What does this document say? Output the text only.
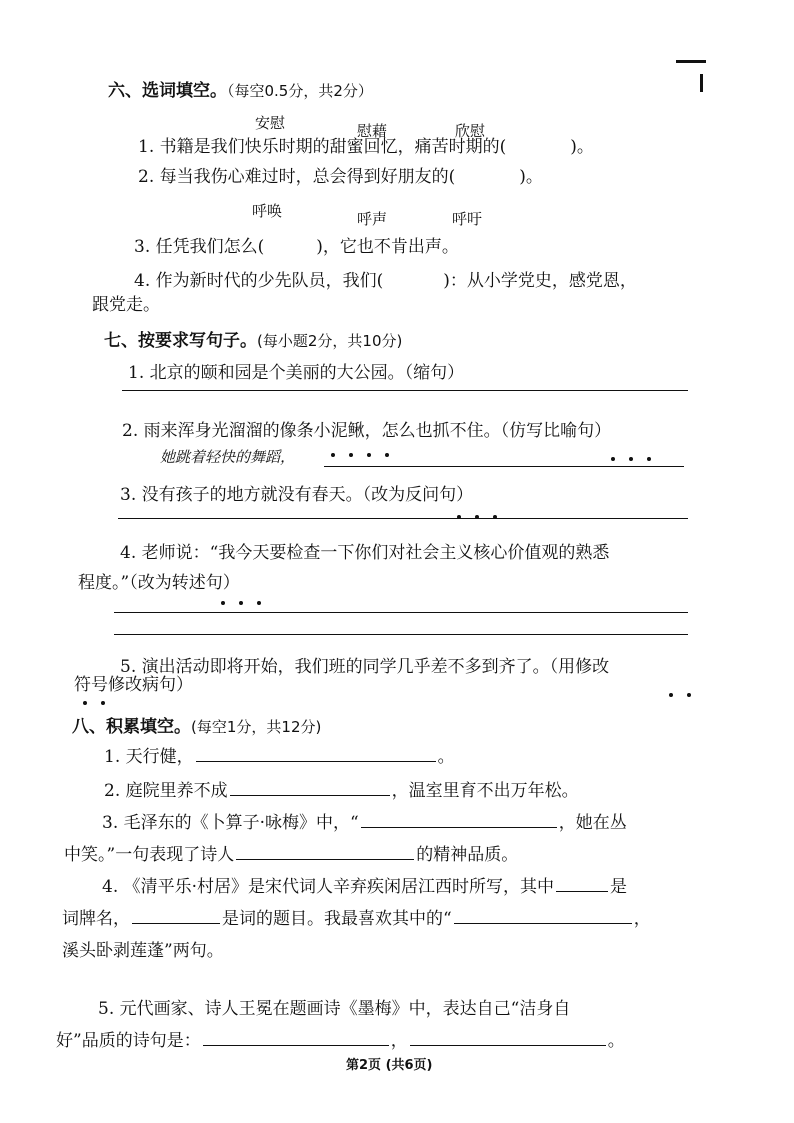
六、选词填空。（每空0.5分，共2分）
安慰	慰藉	欣慰
1. 书籍是我们快乐时期的甜蜜回忆，痛苦时期的(	)。
2. 每当我伤心难过时，总会得到好朋友的(	)。
呼唤	呼声	呼吁
3. 任凭我们怎么(	)，它也不肯出声。
4. 作为新时代的少先队员，我们(	)：从小学党史，感党恩，
跟党走。
七、按要求写句子。(每小题2分，共10分)
1. 北京的颐和园是个美丽的大公园。（缩句）
2. 雨来浑身光溜溜的像条小泥鳅，怎么也抓不住。（仿写比喻句）
她跳着轻快的舞蹈，
3. 没有孩子的地方就没有春天。（改为反问句）
4. 老师说：“我今天要检查一下你们对社会主义核心价值观的熟悉
程度。”（改为转述句）
5. 演出活动即将开始，我们班的同学几乎差不多到齐了。（用修改
符号修改病句）
八、积累填空。(每空1分，共12分)
1. 天行健，	。
2. 庭院里养不成	，温室里育不出万年松。
3. 毛泽东的《卜算子·咏梅》中，“	，她在丛
中笑。”一句表现了诗人	的精神品质。
4. 《清平乐·村居》是宋代词人辛弃疾闲居江西时所写，其中	是
词牌名，	是词的题目。我最喜欢其中的“	，
溪头卧剥莲蓬”两句。
5. 元代画家、诗人王冕在题画诗《墨梅》中，表达自己“洁身自
好”品质的诗句是：	，	。
第2页 (共6页)
